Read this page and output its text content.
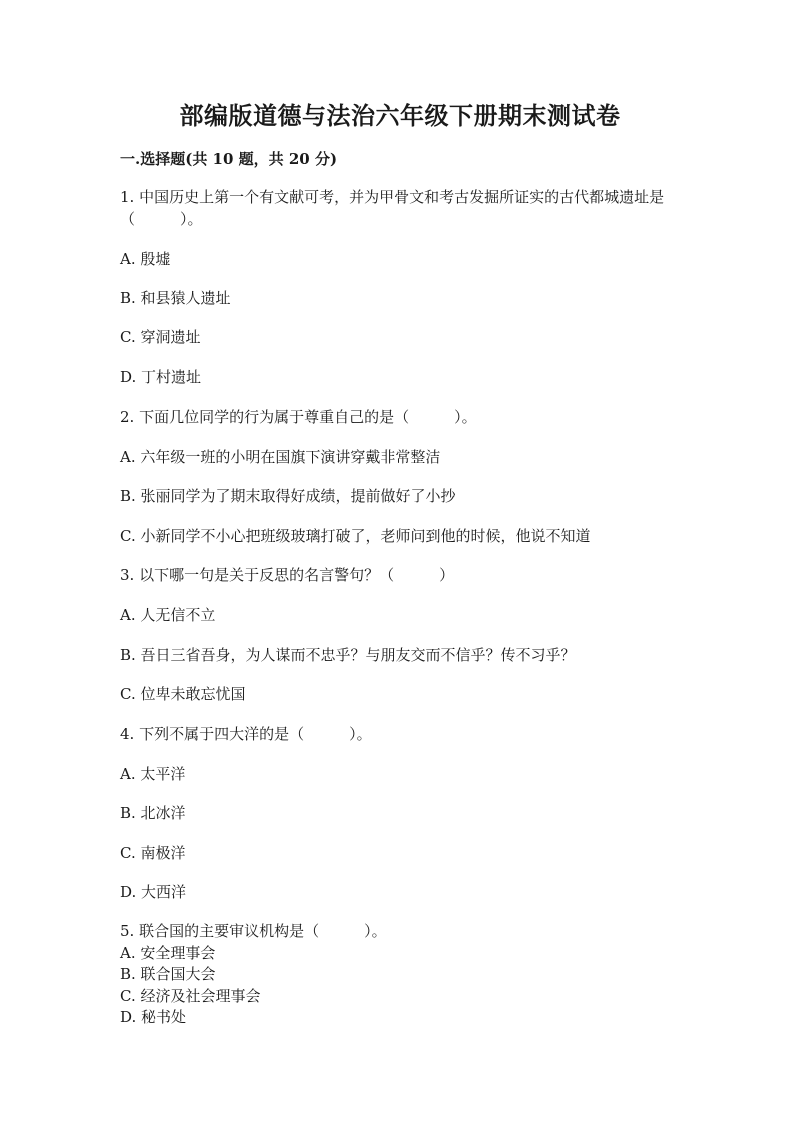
部编版道德与法治六年级下册期末测试卷
一.选择题(共 10 题，共 20 分)
1. 中国历史上第一个有文献可考，并为甲骨文和考古发掘所证实的古代都城遗址是（　　　）。
A. 殷墟
B. 和县猿人遗址
C. 穿洞遗址
D. 丁村遗址
2. 下面几位同学的行为属于尊重自己的是（　　　）。
A. 六年级一班的小明在国旗下演讲穿戴非常整洁
B. 张丽同学为了期末取得好成绩，提前做好了小抄
C. 小新同学不小心把班级玻璃打破了，老师问到他的时候，他说不知道
3. 以下哪一句是关于反思的名言警句？（　　　）
A. 人无信不立
B. 吾日三省吾身，为人谋而不忠乎？与朋友交而不信乎？传不习乎？
C. 位卑未敢忘忧国
4. 下列不属于四大洋的是（　　　）。
A. 太平洋
B. 北冰洋
C. 南极洋
D. 大西洋
5. 联合国的主要审议机构是（　　　）。
A. 安全理事会
B. 联合国大会
C. 经济及社会理事会
D. 秘书处
